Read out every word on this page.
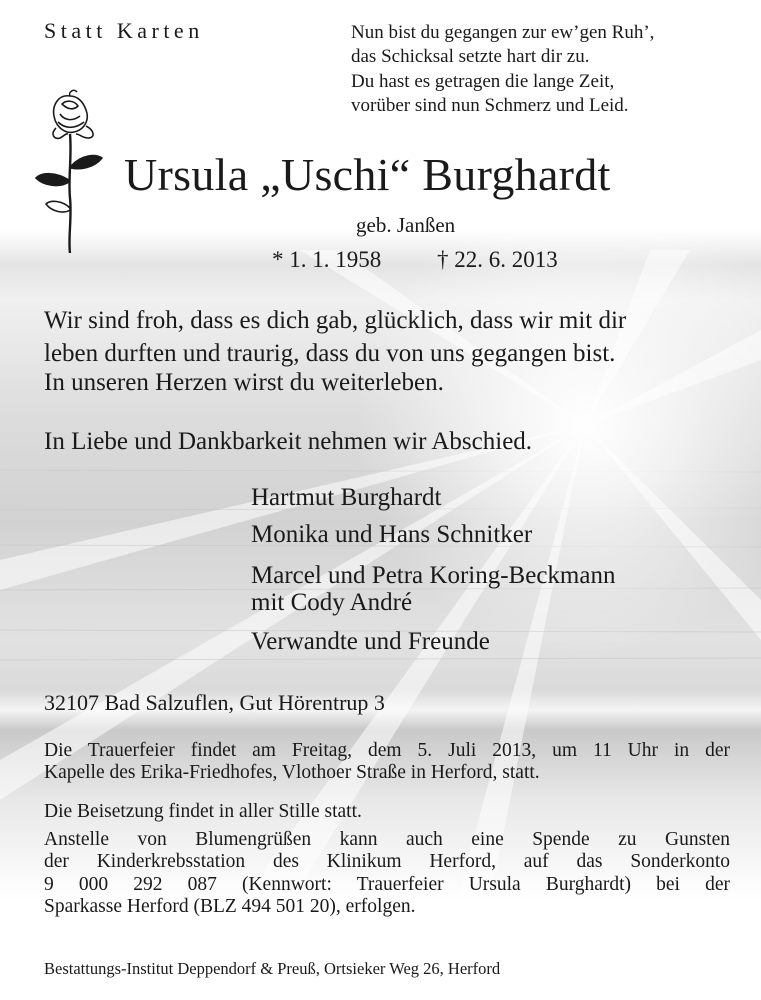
Statt Karten	Nun bist du gegangen zur ew’gen Ruh’,
das Schicksal setzte hart dir zu.
Du hast es getragen die lange Zeit,
vorüber sind nun Schmerz und Leid.

Ursula „Uschi“ Burghardt

geb. Janßen

* 1. 1. 1958 † 22. 6. 2013

Wir sind froh, dass es dich gab, glücklich, dass wir mit dir
leben durften und traurig, dass du von uns gegangen bist.

In unseren Herzen wirst du weiterleben.

In Liebe und Dankbarkeit nehmen wir Abschied.

Hartmut Burghardt

Monika und Hans Schnitker

Marcel und Petra Koring-Beckmann
mit Cody André

Verwandte und Freunde

32107 Bad Salzuflen, Gut Hörentrup 3

Die Trauerfeier findet am Freitag, dem 5. Juli 2013, um 11 Uhr in der
Kapelle des Erika-Friedhofes, Vlothoer Straße in Herford, statt.
Die Beisetzung findet in aller Stille statt.
Anstelle von Blumengrüßen kann auch eine Spende zu Gunsten
der Kinderkrebsstation des Klinikum Herford, auf das Sonderkonto
9 000 292 087 (Kennwort: Trauerfeier Ursula Burghardt) bei der
Sparkasse Herford (BLZ 494 501 20), erfolgen.

Bestattungs-Institut Deppendorf & Preuß, Ortsieker Weg 26, Herford
